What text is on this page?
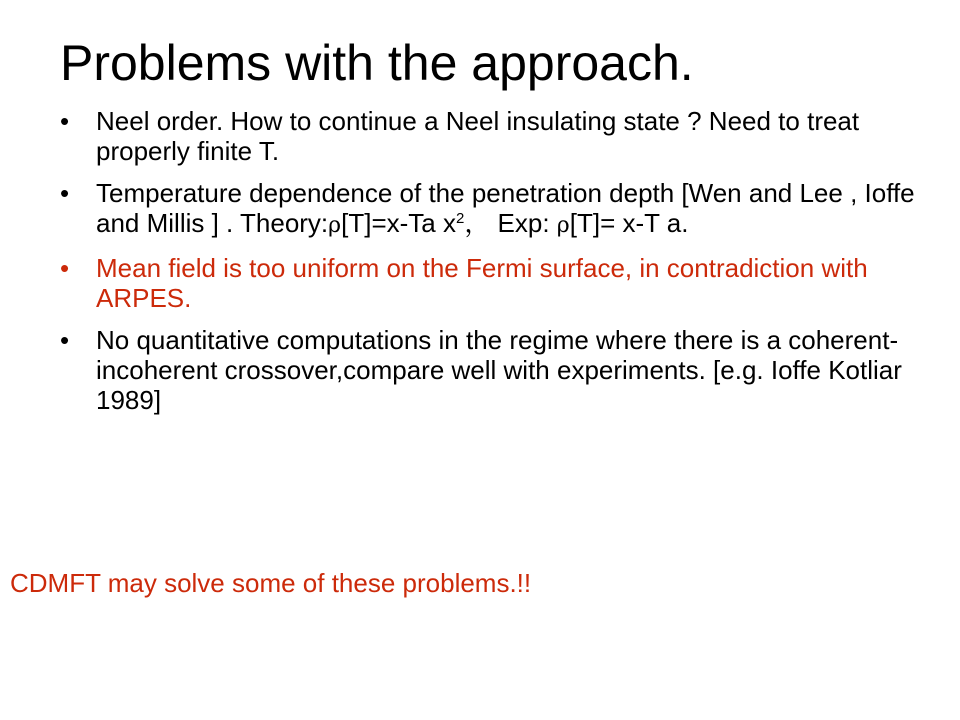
Problems with the approach.
• Neel order. How to continue a Neel insulating state ? Need to treat properly finite T.
• Temperature dependence of the penetration depth [Wen and Lee , Ioffe and Millis ] . Theory:ρ[T]=x-Ta $x^2$， Exp: ρ[T]= x-T a.
• Mean field is too uniform on the Fermi surface, in contradiction with ARPES.
• No quantitative computations in the regime where there is a coherent-incoherent crossover,compare well with experiments. [e.g. Ioffe Kotliar 1989]
CDMFT may solve some of these problems.!!
